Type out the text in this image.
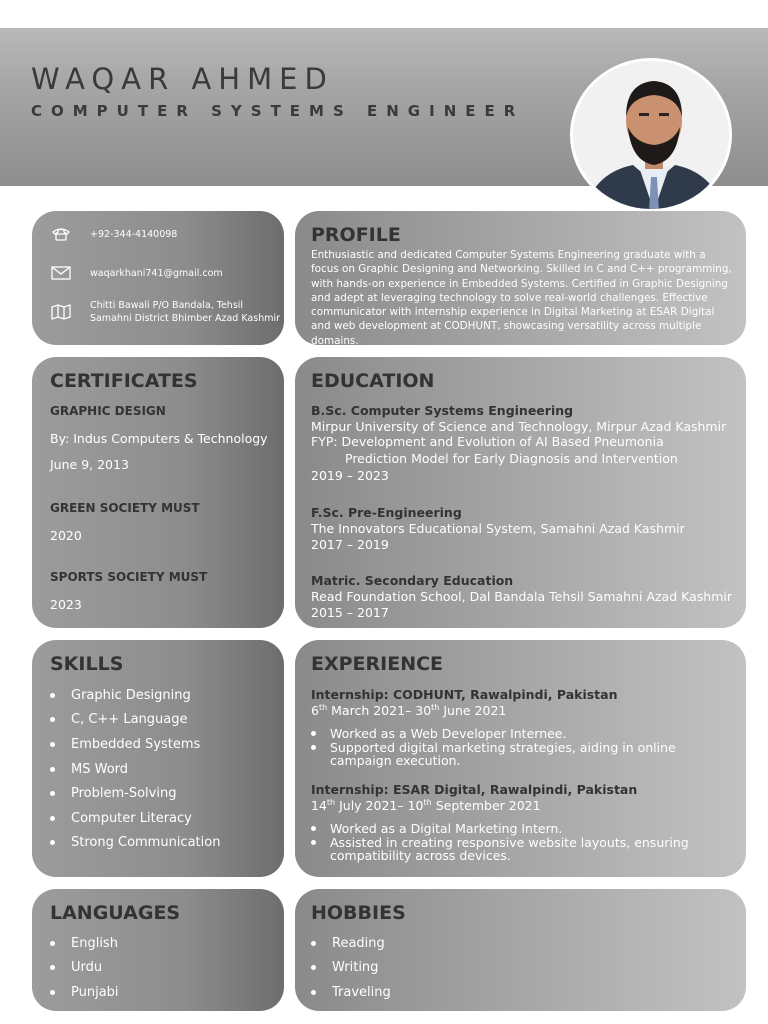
WAQAR AHMED
COMPUTER SYSTEMS ENGINEER
+92-344-4140098
waqarkhani741@gmail.com
Chitti Bawali P/O Bandala, Tehsil
Samahni District Bhimber Azad Kashmir
PROFILE
Enthusiastic and dedicated Computer Systems Engineering graduate with a focus on Graphic Designing and Networking. Skilled in C and C++ programming, with hands-on experience in Embedded Systems. Certified in Graphic Designing and adept at leveraging technology to solve real-world challenges. Effective communicator with internship experience in Digital Marketing at ESAR Digital and web development at CODHUNT, showcasing versatility across multiple domains.
CERTIFICATES
GRAPHIC DESIGN
By: Indus Computers & Technology
June 9, 2013
GREEN SOCIETY MUST
2020
SPORTS SOCIETY MUST
2023
EDUCATION
B.Sc. Computer Systems Engineering
Mirpur University of Science and Technology, Mirpur Azad Kashmir
FYP: Development and Evolution of AI Based Pneumonia
Prediction Model for Early Diagnosis and Intervention
2019 – 2023
F.Sc. Pre-Engineering
The Innovators Educational System, Samahni Azad Kashmir
2017 – 2019
Matric. Secondary Education
Read Foundation School, Dal Bandala Tehsil Samahni Azad Kashmir
2015 – 2017
SKILLS
Graphic Designing
C, C++ Language
Embedded Systems
MS Word
Problem-Solving
Computer Literacy
Strong Communication
EXPERIENCE
Internship: CODHUNT, Rawalpindi, Pakistan
6th March 2021– 30th June 2021
Worked as a Web Developer Internee.
Supported digital marketing strategies, aiding in online campaign execution.
Internship: ESAR Digital, Rawalpindi, Pakistan
14th July 2021– 10th September 2021
Worked as a Digital Marketing Intern.
Assisted in creating responsive website layouts, ensuring compatibility across devices.
LANGUAGES
English
Urdu
Punjabi
HOBBIES
Reading
Writing
Traveling
